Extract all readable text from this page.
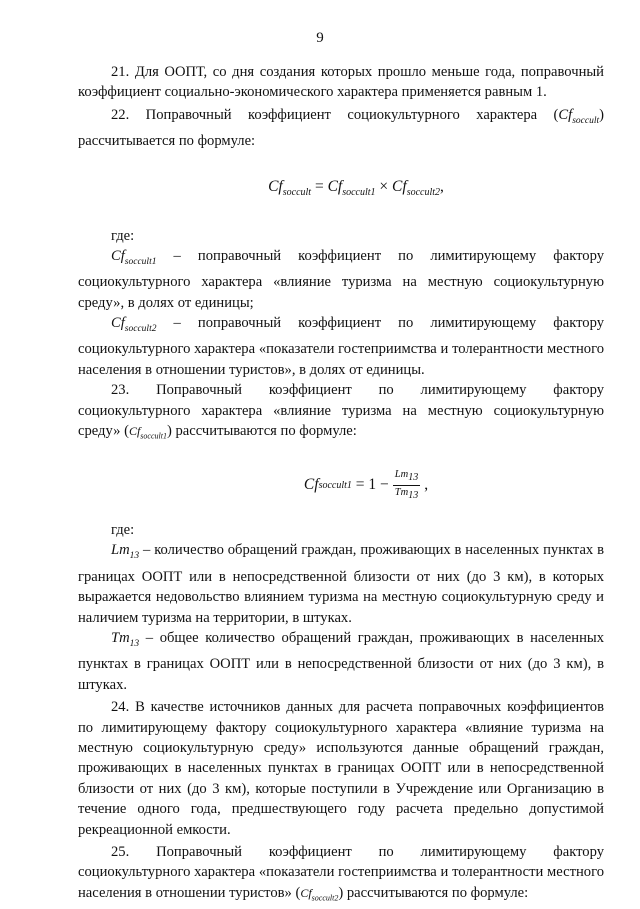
9

21. Для ООПТ, со дня создания которых прошло меньше года, поправочный коэффициент социально-экономического характера применяется равным 1.

22. Поправочный коэффициент социокультурного характера $(Cf_{soccult})$ рассчитывается по формуле:

$Cf_{soccult} = Cf_{soccult1} \times Cf_{soccult2}$,

где:

$Cf_{soccult1}$ – поправочный коэффициент по лимитирующему фактору социокультурного характера «влияние туризма на местную социокультурную среду», в долях от единицы;

$Cf_{soccult2}$ – поправочный коэффициент по лимитирующему фактору социокультурного характера «показатели гостеприимства и толерантности местного населения в отношении туристов», в долях от единицы.

23. Поправочный коэффициент по лимитирующему фактору социокультурного характера «влияние туризма на местную социокультурную среду» $(Cf_{soccult1})$ рассчитываются по формуле:

Cf soccult1
=
$1 - \frac{Lm_{13}}{Tm_{13}}$ ,

где:

$Lm_{13}$ – количество обращений граждан, проживающих в населенных пунктах в границах ООПТ или в непосредственной близости от них (до 3 км), в которых выражается недовольство влиянием туризма на местную социокультурную среду и наличием туризма на территории, в штуках.

$Tm_{13}$ – общее количество обращений граждан, проживающих в населенных пунктах в границах ООПТ или в непосредственной близости от них (до 3 км), в штуках.

24. В качестве источников данных для расчета поправочных коэффициентов по лимитирующему фактору социокультурного характера «влияние туризма на местную социокультурную среду» используются данные обращений граждан, проживающих в населенных пунктах в границах ООПТ или в непосредственной близости от них (до 3 км), которые поступили в Учреждение или Организацию в течение одного года, предшествующего году расчета предельно допустимой рекреационной емкости.

25. Поправочный коэффициент по лимитирующему фактору социокультурного характера «показатели гостеприимства и толерантности местного населения в отношении туристов» $(Cf_{soccult2})$ рассчитываются по формуле:
